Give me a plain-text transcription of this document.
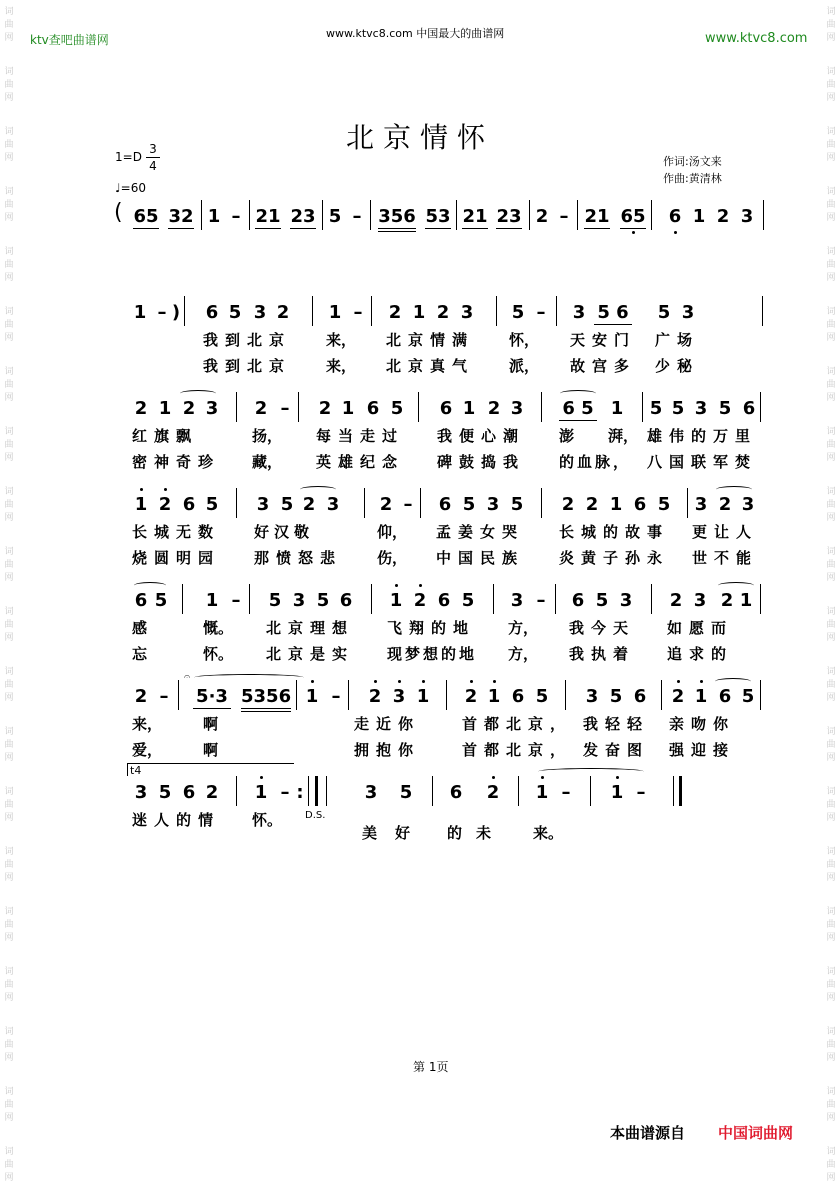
词
曲
网
词
曲
网
词
曲
网
词
曲
网
词
曲
网
词
曲
网
词
曲
网
词
曲
网
词
曲
网
词
曲
网
词
曲
网
词
曲
网
词
曲
网
词
曲
网
词
曲
网
词
曲
网
词
曲
网
词
曲
网
词
曲
网
词
曲
网
词
曲
网
词
曲
网
词
曲
网
词
曲
网
词
曲
网
词
曲
网
词
曲
网
词
曲
网
词
曲
网
词
曲
网
词
曲
网
词
曲
网
词
曲
网
词
曲
网
词
曲
网
词
曲
网
词
曲
网
词
曲
网
词
曲
网
词
曲
网
ktv查吧曲谱网	www.ktvc8.com 中国最大的曲谱网	www.ktvc8.com
北京情怀
1=D
3
4	作词:汤文来
作曲:黄清林
♩=60
( 65 32 1 – 21 23 5 – 356 53 21 23 2 – 21 65 6 1 2 3
1 – ) 6 5 3 2 1 – 2 1 2 3 5 – 3 5 6 5 3
我到北京 来， 北京情满 怀， 天安门 广场
我到北京 来， 北京真气 派， 故宫多 少秘
2 1 2 3 2 – 2 1 6 5 6 1 2 3 6 5 1 5 5 3 5 6
红旗飘	扬， 每当走过 我便心潮 澎 湃， 雄伟的万里
密神奇珍 藏， 英雄纪念 碑鼓捣我 的血脉， 八国联军焚
1 2 6 5 3 5 2 3 2 – 6 5 3 5 2 2 1 6 5 3 2 3
长城无数 好汉敬	仰， 孟姜女哭 长城的故事 更让人
烧圆明园 那愤怒悲 伤， 中国民族 炎黄子孙永 世不能
6 5 1 – 5 3 5 6 1 2 6 5 3 – 6 5 3 2 3 2 1
感	慨。 北京理想 飞翔的地 方， 我今天 如愿而
忘	怀。 北京是实 现梦想的地 方， 我执着 追求的
𝄐
2 – 5·3 5356 1 – 2 3 1 2 1 6 5 3 5 6 2 1 6 5
来，	啊	走近你	首都北京， 我轻轻 亲吻你
爱，	啊	拥抱你	首都北京， 发奋图 强迎接
t4
3 5 6 2 1 – :
D.S.
3 5 6 2 1 – 1 –
迷人的情 怀。
美好 的未 来。
第 1页
本曲谱源自 中国词曲网
